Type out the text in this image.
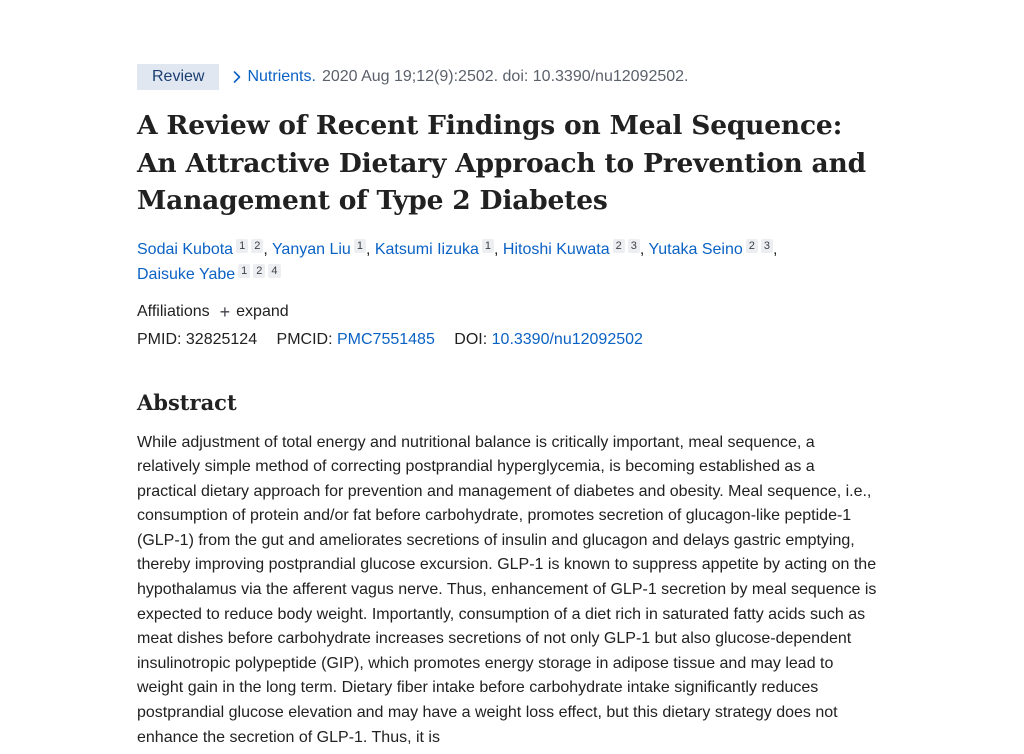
Review	Nutrients. 2020 Aug 19;12(9):2502. doi: 10.3390/nu12092502.
A Review of Recent Findings on Meal Sequence: An Attractive Dietary Approach to Prevention and Management of Type 2 Diabetes
Sodai Kubota 1 2 , Yanyan Liu 1 , Katsumi Iizuka 1 , Hitoshi Kuwata 2 3 , Yutaka Seino 2 3 ,
Daisuke Yabe 1 2 4
Affiliations + expand
PMID: 32825124 PMCID: PMC7551485 DOI: 10.3390/nu12092502
Abstract
While adjustment of total energy and nutritional balance is critically important, meal sequence, a relatively simple method of correcting postprandial hyperglycemia, is becoming established as a practical dietary approach for prevention and management of diabetes and obesity. Meal sequence, i.e., consumption of protein and/or fat before carbohydrate, promotes secretion of glucagon-like peptide-1 (GLP-1) from the gut and ameliorates secretions of insulin and glucagon and delays gastric emptying, thereby improving postprandial glucose excursion. GLP-1 is known to suppress appetite by acting on the hypothalamus via the afferent vagus nerve. Thus, enhancement of GLP-1 secretion by meal sequence is expected to reduce body weight. Importantly, consumption of a diet rich in saturated fatty acids such as meat dishes before carbohydrate increases secretions of not only GLP-1 but also glucose-dependent insulinotropic polypeptide (GIP), which promotes energy storage in adipose tissue and may lead to weight gain in the long term. Dietary fiber intake before carbohydrate intake significantly reduces postprandial glucose elevation and may have a weight loss effect, but this dietary strategy does not enhance the secretion of GLP-1. Thus, it is
